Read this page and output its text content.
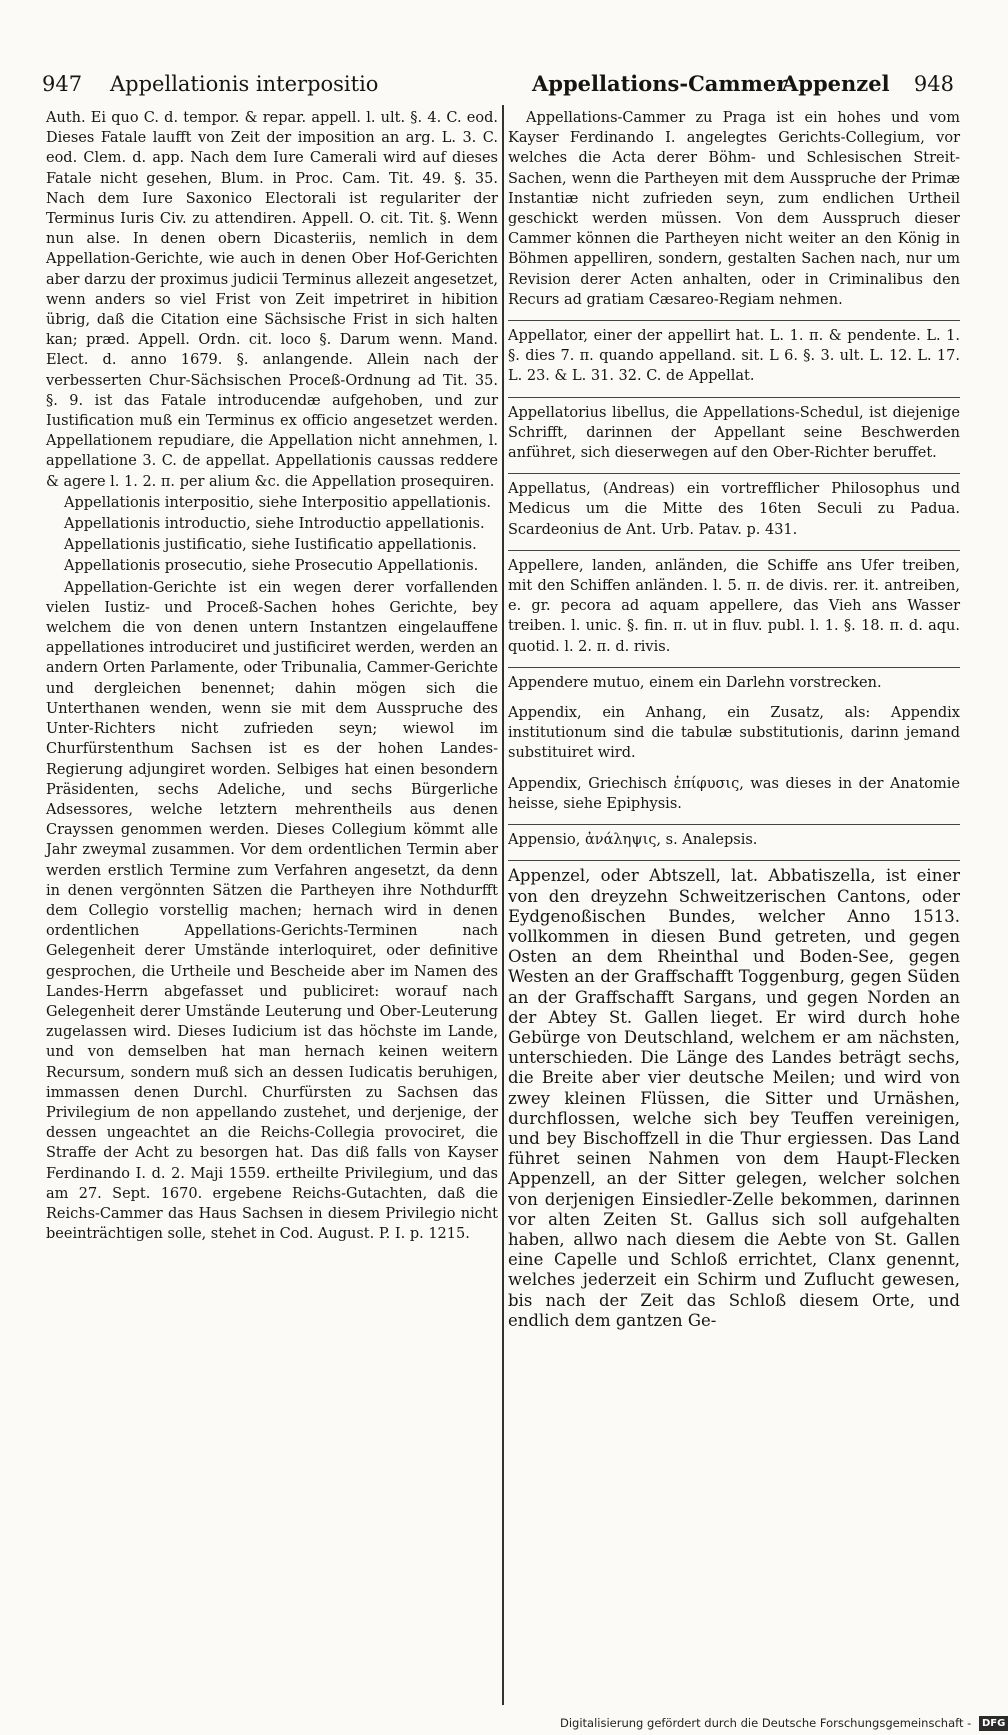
947 Appellationis interpositio	Appellations-Cammer
Appenzel 948

Auth. Ei quo C. d. tempor. & repar. appell. l. ult. §. 4. C. eod. Dieses Fatale laufft von Zeit der imposition an arg. L. 3. C. eod. Clem. d. app. Nach dem Iure Camerali wird auf dieses Fatale nicht gesehen, Blum. in Proc. Cam. Tit. 49. §. 35. Nach dem Iure Saxonico Electorali ist regulariter der Terminus Iuris Civ. zu attendiren. Appell. O. cit. Tit. §. Wenn nun alse. In denen obern Dicasteriis, nemlich in dem Appellation-Gerichte, wie auch in denen Ober Hof-Gerichten aber darzu der proximus judicii Terminus allezeit angesetzet, wenn anders so viel Frist von Zeit impetriret in hibition übrig, daß die Citation eine Sächsische Frist in sich halten kan; præd. Appell. Ordn. cit. loco §. Darum wenn. Mand. Elect. d. anno 1679. §. anlangende. Allein nach der verbesserten Chur-Sächsischen Proceß-Ordnung ad Tit. 35. §. 9. ist das Fatale introducendæ aufgehoben, und zur Iustification muß ein Terminus ex officio angesetzet werden. Appellationem repudiare, die Appellation nicht annehmen, l. appellatione 3. C. de appellat. Appellationis caussas reddere & agere l. 1. 2. π. per alium &c. die Appellation prosequiren.

Appellationis interpositio, siehe Interpositio appellationis.

Appellationis introductio, siehe Introductio appellationis.

Appellationis justificatio, siehe Iustificatio appellationis.

Appellationis prosecutio, siehe Prosecutio Appellationis.

Appellation-Gerichte ist ein wegen derer vorfallenden vielen Iustiz- und Proceß-Sachen hohes Gerichte, bey welchem die von denen untern Instantzen eingelauffene appellationes introduciret und justificiret werden, werden an andern Orten Parlamente, oder Tribunalia, Cammer-Gerichte und dergleichen benennet; dahin mögen sich die Unterthanen wenden, wenn sie mit dem Ausspruche des Unter-Richters nicht zufrieden seyn; wiewol im Churfürstenthum Sachsen ist es der hohen Landes-Regierung adjungiret worden. Selbiges hat einen besondern Präsidenten, sechs Adeliche, und sechs Bürgerliche Adsessores, welche letztern mehrentheils aus denen Crayssen genommen werden. Dieses Collegium kömmt alle Jahr zweymal zusammen. Vor dem ordentlichen Termin aber werden erstlich Termine zum Verfahren angesetzt, da denn in denen vergönnten Sätzen die Partheyen ihre Nothdurfft dem Collegio vorstellig machen; hernach wird in denen ordentlichen Appellations-Gerichts-Terminen nach Gelegenheit derer Umstände interloquiret, oder definitive gesprochen, die Urtheile und Bescheide aber im Namen des Landes-Herrn abgefasset und publiciret: worauf nach Gelegenheit derer Umstände Leuterung und Ober-Leuterung zugelassen wird. Dieses Iudicium ist das höchste im Lande, und von demselben hat man hernach keinen weitern Recursum, sondern muß sich an dessen Iudicatis beruhigen, immassen denen Durchl. Churfürsten zu Sachsen das Privilegium de non appellando zustehet, und derjenige, der dessen ungeachtet an die Reichs-Collegia provociret, die Straffe der Acht zu besorgen hat. Das diß falls von Kayser Ferdinando I. d. 2. Maji 1559. ertheilte Privilegium, und das am 27. Sept. 1670. ergebene Reichs-Gutachten, daß die Reichs-Cammer das Haus Sachsen in diesem Privilegio nicht beeinträchtigen solle, stehet in Cod. August. P. I. p. 1215.

Appellations-Cammer zu Praga ist ein hohes und vom Kayser Ferdinando I. angelegtes Gerichts-Collegium, vor welches die Acta derer Böhm- und Schlesischen Streit-Sachen, wenn die Partheyen mit dem Ausspruche der Primæ Instantiæ nicht zufrieden seyn, zum endlichen Urtheil geschickt werden müssen. Von dem Ausspruch dieser Cammer können die Partheyen nicht weiter an den König in Böhmen appelliren, sondern, gestalten Sachen nach, nur um Revision derer Acten anhalten, oder in Criminalibus den Recurs ad gratiam Cæsareo-Regiam nehmen.

Appellator, einer der appellirt hat. L. 1. π. & pendente. L. 1. §. dies 7. π. quando appelland. sit. L 6. §. 3. ult. L. 12. L. 17. L. 23. & L. 31. 32. C. de Appellat.

Appellatorius libellus, die Appellations-Schedul, ist diejenige Schrifft, darinnen der Appellant seine Beschwerden anführet, sich dieserwegen auf den Ober-Richter beruffet.

Appellatus, (Andreas) ein vortrefflicher Philosophus und Medicus um die Mitte des 16ten Seculi zu Padua. Scardeonius de Ant. Urb. Patav. p. 431.

Appellere, landen, anländen, die Schiffe ans Ufer treiben, mit den Schiffen anländen. l. 5. π. de divis. rer. it. antreiben, e. gr. pecora ad aquam appellere, das Vieh ans Wasser treiben. l. unic. §. fin. π. ut in fluv. publ. l. 1. §. 18. π. d. aqu. quotid. l. 2. π. d. rivis.

Appendere mutuo, einem ein Darlehn vorstrecken.

Appendix, ein Anhang, ein Zusatz, als: Appendix institutionum sind die tabulæ substitutionis, darinn jemand substituiret wird.

Appendix, Griechisch ἐπίφυσις, was dieses in der Anatomie heisse, siehe Epiphysis.

Appensio, ἀνάληψις, s. Analepsis.

Appenzel, oder Abtszell, lat. Abbatiszella, ist einer von den dreyzehn Schweitzerischen Cantons, oder Eydgenoßischen Bundes, welcher Anno 1513. vollkommen in diesen Bund getreten, und gegen Osten an dem Rheinthal und Boden-See, gegen Westen an der Graffschafft Toggenburg, gegen Süden an der Graffschafft Sargans, und gegen Norden an der Abtey St. Gallen lieget. Er wird durch hohe Gebürge von Deutschland, welchem er am nächsten, unterschieden. Die Länge des Landes beträgt sechs, die Breite aber vier deutsche Meilen; und wird von zwey kleinen Flüssen, die Sitter und Urnäshen, durchflossen, welche sich bey Teuffen vereinigen, und bey Bischoffzell in die Thur ergiessen. Das Land führet seinen Nahmen von dem Haupt-Flecken Appenzell, an der Sitter gelegen, welcher solchen von derjenigen Einsiedler-Zelle bekommen, darinnen vor alten Zeiten St. Gallus sich soll aufgehalten haben, allwo nach diesem die Aebte von St. Gallen eine Capelle und Schloß errichtet, Clanx genennt, welches jederzeit ein Schirm und Zuflucht gewesen, bis nach der Zeit das Schloß diesem Orte, und endlich dem gantzen Ge-

Digitalisierung gefördert durch die Deutsche Forschungsgemeinschaft - DFG
